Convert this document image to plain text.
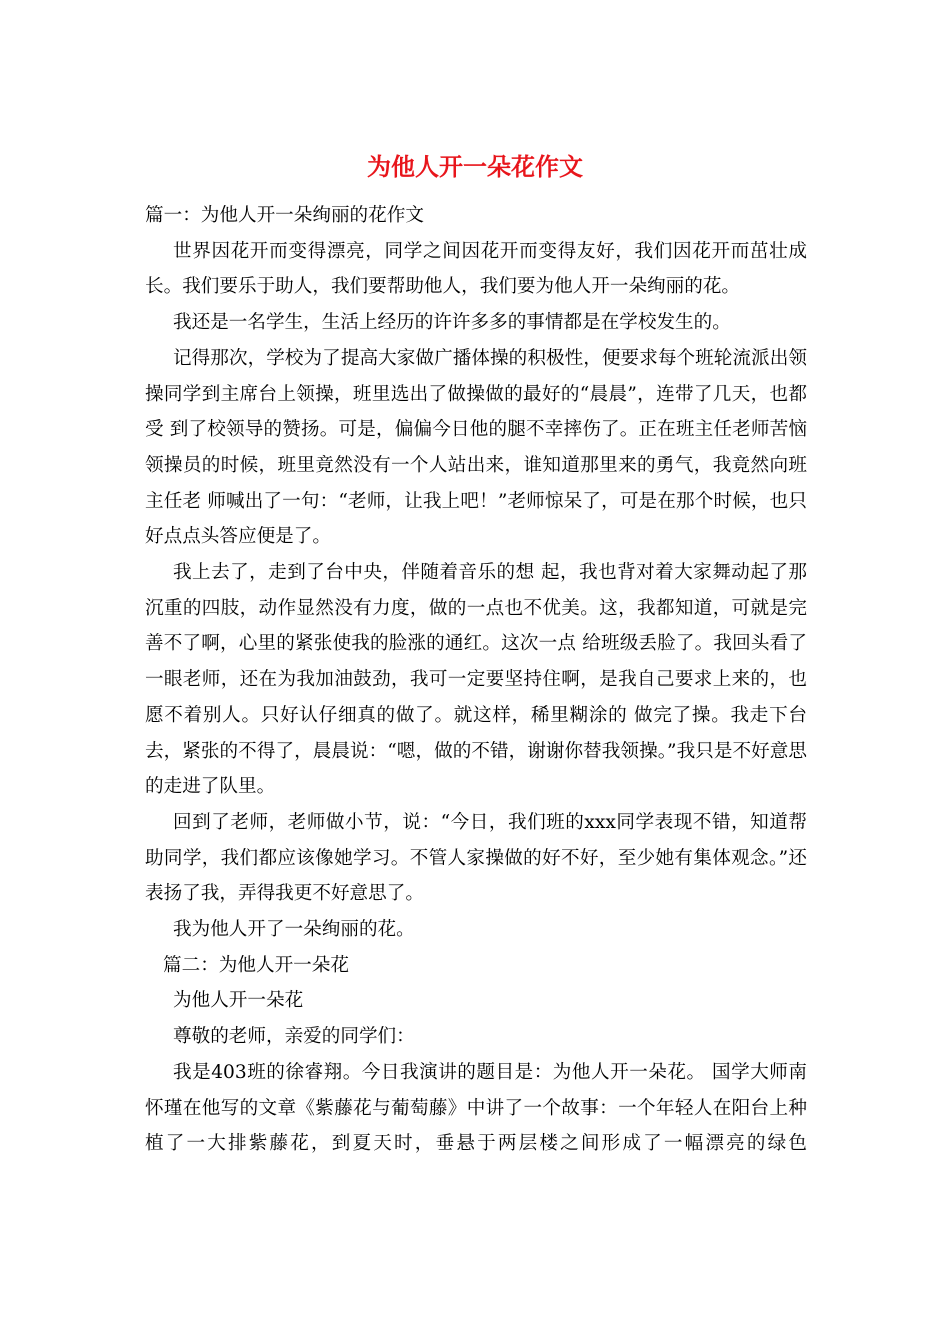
为他人开一朵花作文

篇一：为他人开一朵绚丽的花作文

世界因花开而变得漂亮，同学之间因花开而变得友好，我们因花开而茁壮成长。我们要乐于助人，我们要帮助他人，我们要为他人开一朵绚丽的花。

我还是一名学生，生活上经历的许许多多的事情都是在学校发生的。

记得那次，学校为了提高大家做广播体操的积极性，便要求每个班轮流派出领操同学到主席台上领操，班里选出了做操做的最好的“晨晨”，连带了几天，也都受 到了校领导的赞扬。可是，偏偏今日他的腿不幸摔伤了。正在班主任老师苦恼领操员的时候，班里竟然没有一个人站出来，谁知道那里来的勇气，我竟然向班主任老 师喊出了一句：“老师，让我上吧！”老师惊呆了，可是在那个时候，也只好点点头答应便是了。

我上去了，走到了台中央，伴随着音乐的想 起，我也背对着大家舞动起了那沉重的四肢，动作显然没有力度，做的一点也不优美。这，我都知道，可就是完善不了啊，心里的紧张使我的脸涨的通红。这次一点 给班级丢脸了。我回头看了一眼老师，还在为我加油鼓劲，我可一定要坚持住啊，是我自己要求上来的，也愿不着别人。只好认仔细真的做了。就这样，稀里糊涂的 做完了操。我走下台去，紧张的不得了，晨晨说：“嗯，做的不错，谢谢你替我领操。”我只是不好意思的走进了队里。

回到了老师，老师做小节，说：“今日，我们班的xxx同学表现不错，知道帮助同学，我们都应该像她学习。不管人家操做的好不好，至少她有集体观念。”还表扬了我，弄得我更不好意思了。

我为他人开了一朵绚丽的花。

篇二：为他人开一朵花

为他人开一朵花

尊敬的老师，亲爱的同学们：

我是403班的徐睿翔。今日我演讲的题目是：为他人开一朵花。 国学大师南怀瑾在他写的文章《紫藤花与葡萄藤》中讲了一个故事：一个年轻人在阳台上种植了一大排紫藤花，到夏天时，垂悬于两层楼之间形成了一幅漂亮的绿色
